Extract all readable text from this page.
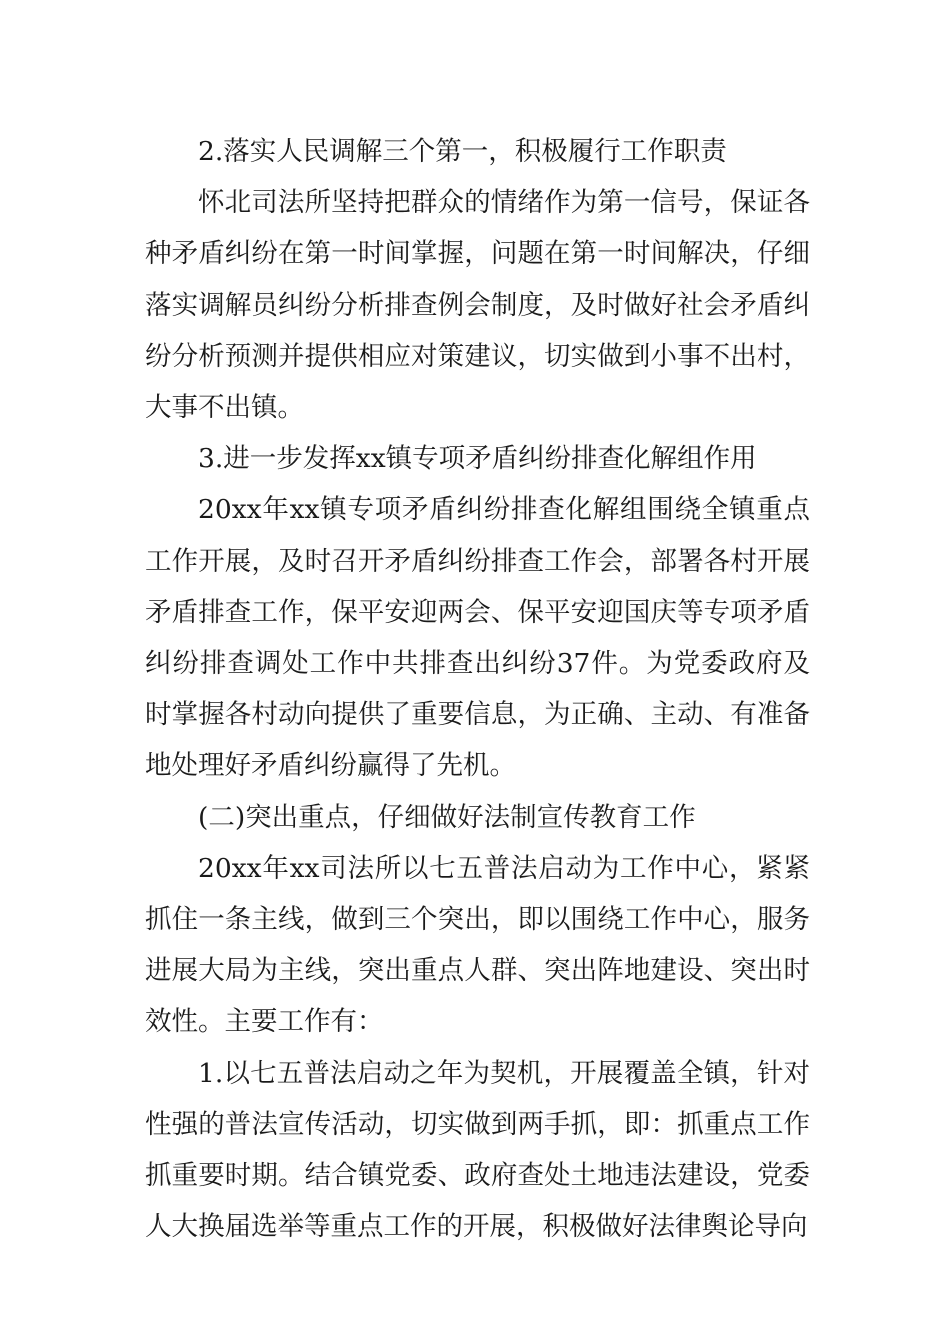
2.落实人民调解三个第一，积极履行工作职责

怀北司法所坚持把群众的情绪作为第一信号，保证各种矛盾纠纷在第一时间掌握，问题在第一时间解决，仔细落实调解员纠纷分析排查例会制度，及时做好社会矛盾纠纷分析预测并提供相应对策建议，切实做到小事不出村，大事不出镇。

3.进一步发挥xx镇专项矛盾纠纷排查化解组作用

20xx年xx镇专项矛盾纠纷排查化解组围绕全镇重点工作开展，及时召开矛盾纠纷排查工作会，部署各村开展矛盾排查工作，保平安迎两会、保平安迎国庆等专项矛盾纠纷排查调处工作中共排查出纠纷37件。为党委政府及时掌握各村动向提供了重要信息，为正确、主动、有准备地处理好矛盾纠纷赢得了先机。

(二)突出重点，仔细做好法制宣传教育工作

20xx年xx司法所以七五普法启动为工作中心，紧紧抓住一条主线，做到三个突出，即以围绕工作中心，服务进展大局为主线，突出重点人群、突出阵地建设、突出时效性。主要工作有：

1.以七五普法启动之年为契机，开展覆盖全镇，针对性强的普法宣传活动，切实做到两手抓，即：抓重点工作抓重要时期。结合镇党委、政府查处土地违法建设，党委人大换届选举等重点工作的开展，积极做好法律舆论导向
